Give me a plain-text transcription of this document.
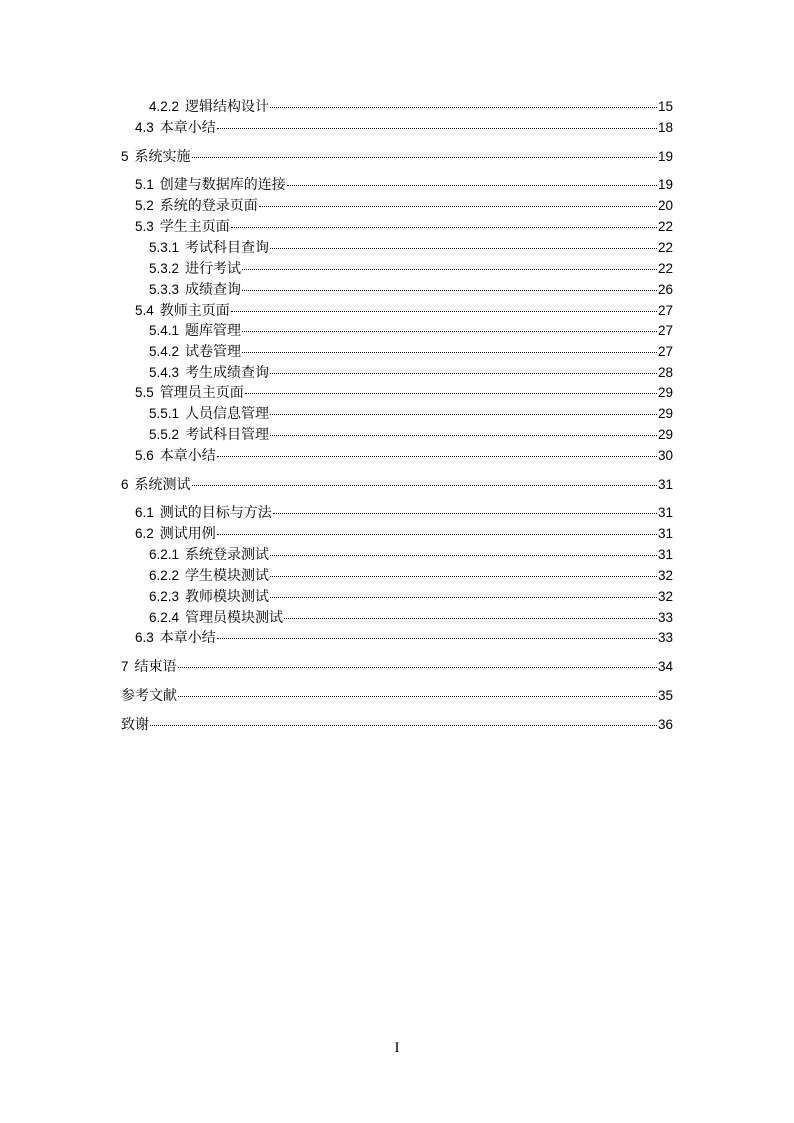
4.2.2 逻辑结构设计	15
4.3 本章小结	18
5 系统实施	19
5.1 创建与数据库的连接	19
5.2 系统的登录页面	20
5.3 学生主页面	22
5.3.1 考试科目查询	22
5.3.2 进行考试	22
5.3.3 成绩查询	26
5.4 教师主页面	27
5.4.1 题库管理	27
5.4.2 试卷管理	27
5.4.3 考生成绩查询	28
5.5 管理员主页面	29
5.5.1 人员信息管理	29
5.5.2 考试科目管理	29
5.6 本章小结	30
6 系统测试	31
6.1 测试的目标与方法	31
6.2 测试用例	31
6.2.1 系统登录测试	31
6.2.2 学生模块测试	32
6.2.3 教师模块测试	32
6.2.4 管理员模块测试	33
6.3 本章小结	33
7 结束语	34
参考文献	35
致谢	36
I
